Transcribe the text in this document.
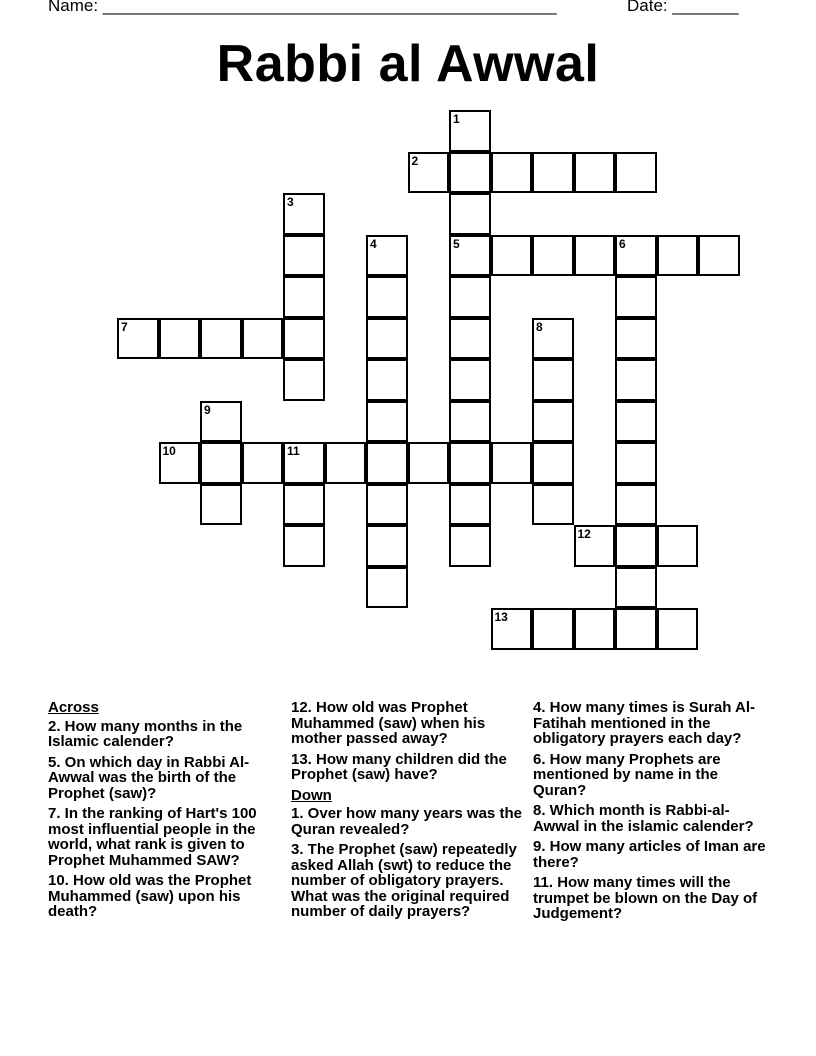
Name: ________________________________________________	Date: _______
Rabbi al Awwal
1
5
2
3
4	6
7	8
9
10	11
12
13
Across
2. How many months in the Islamic calender?
5. On which day in Rabbi Al-Awwal was the birth of the Prophet (saw)?
7. In the ranking of Hart's 100 most influential people in the world, what rank is given to Prophet Muhammed SAW?
10. How old was the Prophet Muhammed (saw) upon his death?
12. How old was Prophet Muhammed (saw) when his mother passed away?
13. How many children did the Prophet (saw) have?
Down
1. Over how many years was the Quran revealed?
3. The Prophet (saw) repeatedly asked Allah (swt) to reduce the number of obligatory prayers. What was the original required number of daily prayers?
4. How many times is Surah Al-Fatihah mentioned in the obligatory prayers each day?
6. How many Prophets are mentioned by name in the Quran?
8. Which month is Rabbi-al-Awwal in the islamic calender?
9. How many articles of Iman are there?
11. How many times will the trumpet be blown on the Day of Judgement?
